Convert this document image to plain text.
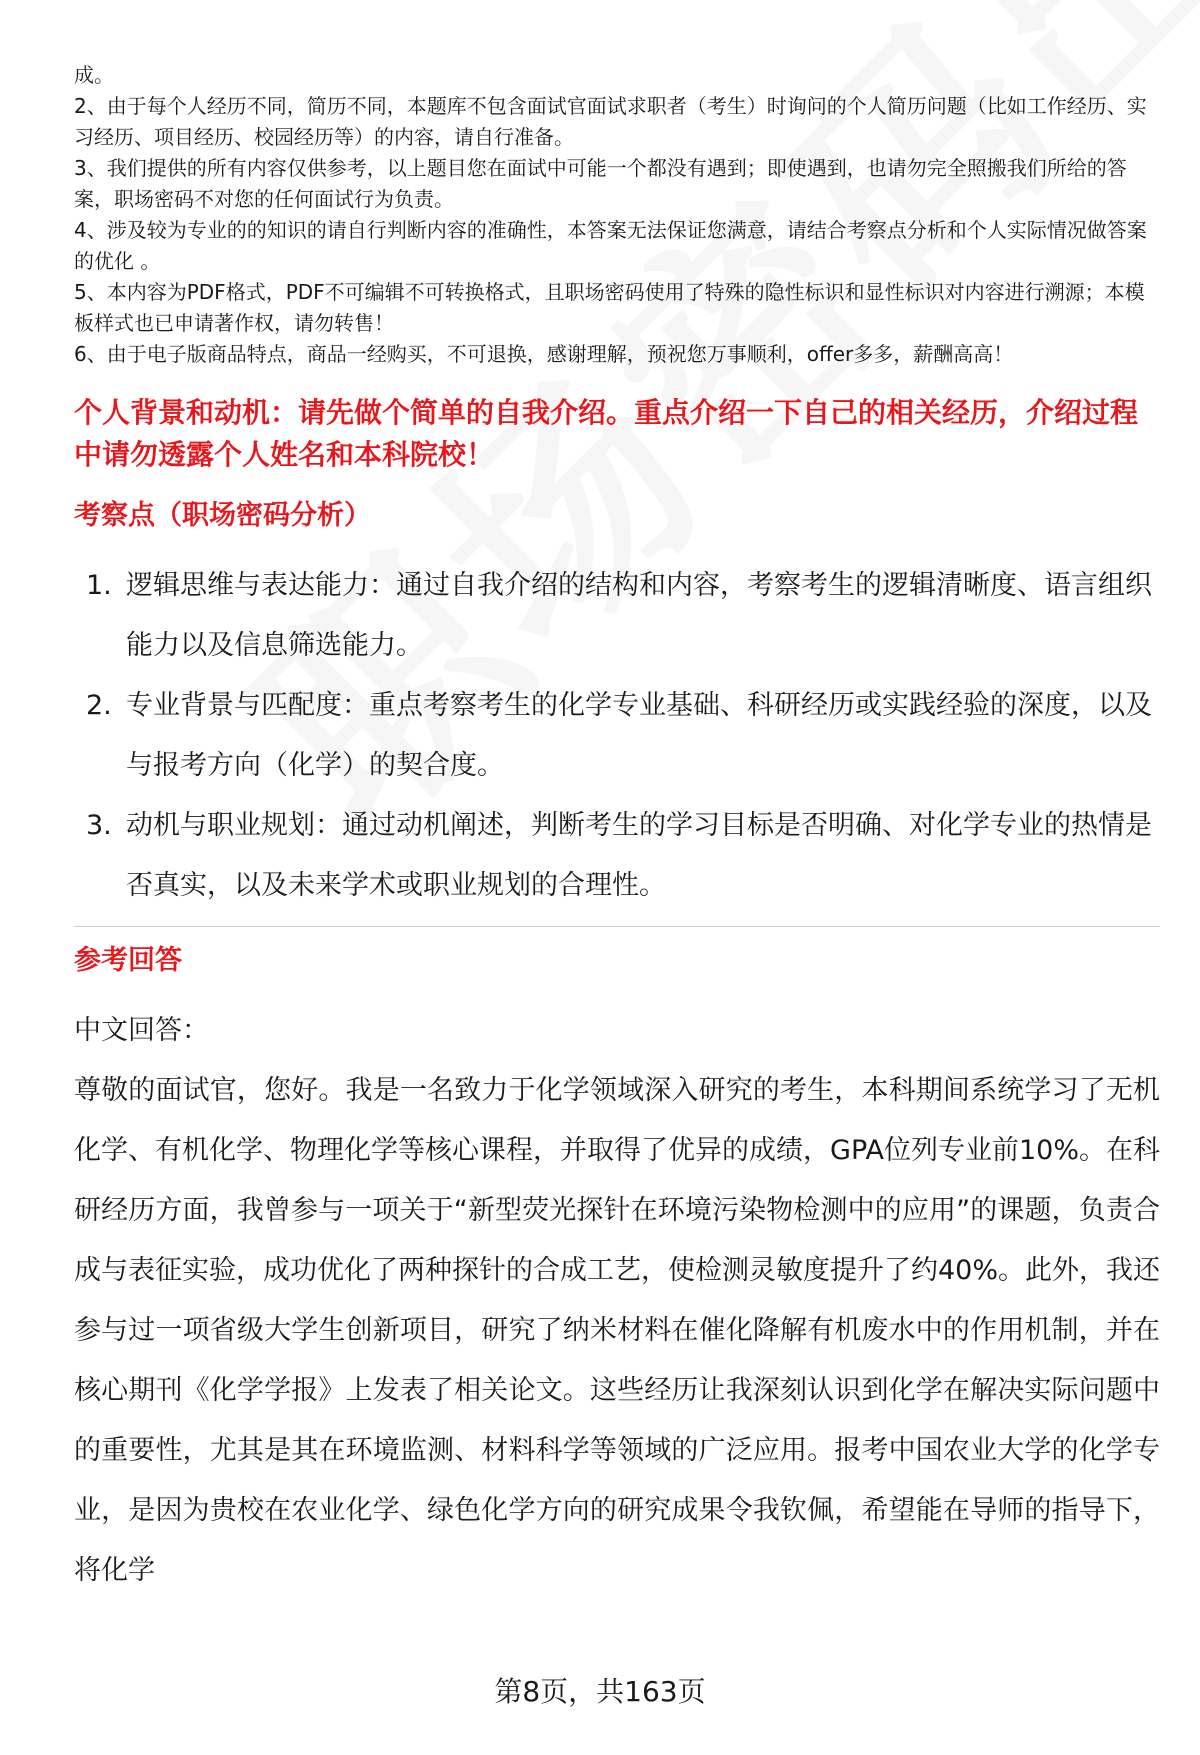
成。
2、由于每个人经历不同，简历不同，本题库不包含面试官面试求职者（考生）时询问的个人简历问题（比如工作经历、实习经历、项目经历、校园经历等）的内容，请自行准备。
3、我们提供的所有内容仅供参考，以上题目您在面试中可能一个都没有遇到；即使遇到，也请勿完全照搬我们所给的答案，职场密码不对您的任何面试行为负责。
4、涉及较为专业的的知识的请自行判断内容的准确性，本答案无法保证您满意，请结合考察点分析和个人实际情况做答案的优化 。
5、本内容为PDF格式，PDF不可编辑不可转换格式，且职场密码使用了特殊的隐性标识和显性标识对内容进行溯源；本模板样式也已申请著作权，请勿转售！
6、由于电子版商品特点，商品一经购买，不可退换，感谢理解，预祝您万事顺利，offer多多，薪酬高高！
个人背景和动机：请先做个简单的自我介绍。重点介绍一下自己的相关经历，介绍过程中请勿透露个人姓名和本科院校！
考察点（职场密码分析）
1. 逻辑思维与表达能力：通过自我介绍的结构和内容，考察考生的逻辑清晰度、语言组织能力以及信息筛选能力。
2. 专业背景与匹配度：重点考察考生的化学专业基础、科研经历或实践经验的深度，以及与报考方向（化学）的契合度。
3. 动机与职业规划：通过动机阐述，判断考生的学习目标是否明确、对化学专业的热情是否真实，以及未来学术或职业规划的合理性。
参考回答
中文回答：
尊敬的面试官，您好。我是一名致力于化学领域深入研究的考生，本科期间系统学习了无机化学、有机化学、物理化学等核心课程，并取得了优异的成绩，GPA位列专业前10%。在科研经历方面，我曾参与一项关于“新型荧光探针在环境污染物检测中的应用”的课题，负责合成与表征实验，成功优化了两种探针的合成工艺，使检测灵敏度提升了约40%。此外，我还参与过一项省级大学生创新项目，研究了纳米材料在催化降解有机废水中的作用机制，并在核心期刊《化学学报》上发表了相关论文。这些经历让我深刻认识到化学在解决实际问题中的重要性，尤其是其在环境监测、材料科学等领域的广泛应用。报考中国农业大学的化学专业，是因为贵校在农业化学、绿色化学方向的研究成果令我钦佩，希望能在导师的指导下，将化学
第8页，共163页
